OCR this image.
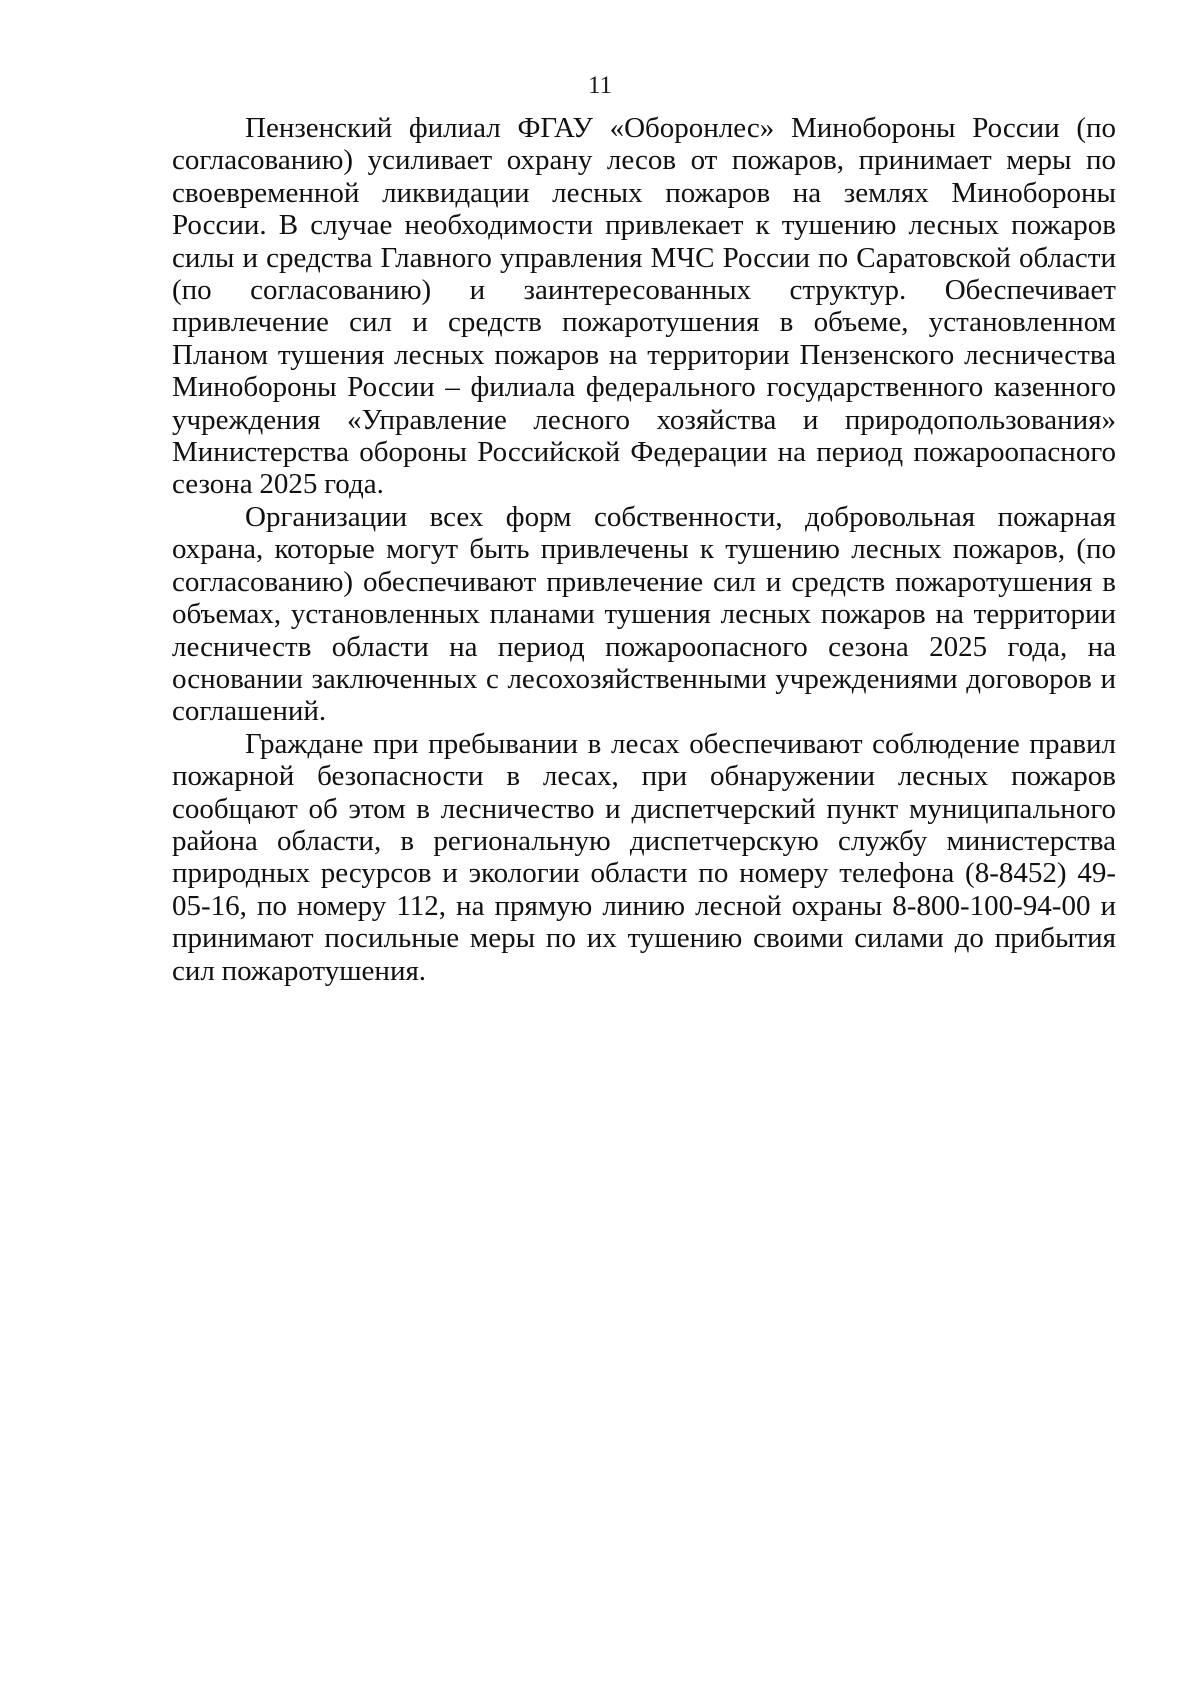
11

Пензенский филиал ФГАУ «Оборонлес» Минобороны России (по согласованию) усиливает охрану лесов от пожаров, принимает меры по своевременной ликвидации лесных пожаров на землях Минобороны России. В случае необходимости привлекает к тушению лесных пожаров силы и средства Главного управления МЧС России по Саратовской области (по согласованию) и заинтересованных структур. Обеспечивает привлечение сил и средств пожаротушения в объеме, установленном Планом тушения лесных пожаров на территории Пензенского лесничества Минобороны России – филиала федерального государственного казенного учреждения «Управление лесного хозяйства и природопользования» Министерства обороны Российской Федерации на период пожароопасного сезона 2025 года.

Организации всех форм собственности, добровольная пожарная охрана, которые могут быть привлечены к тушению лесных пожаров, (по согласованию) обеспечивают привлечение сил и средств пожаротушения в объемах, установленных планами тушения лесных пожаров на территории лесничеств области на период пожароопасного сезона 2025 года, на основании заключенных с лесохозяйственными учреждениями договоров и соглашений.

Граждане при пребывании в лесах обеспечивают соблюдение правил пожарной безопасности в лесах, при обнаружении лесных пожаров сообщают об этом в лесничество и диспетчерский пункт муниципального района области, в региональную диспетчерскую службу министерства природных ресурсов и экологии области по номеру телефона (8-8452) 49-05-16, по номеру 112, на прямую линию лесной охраны 8-800-100-94-00 и принимают посильные меры по их тушению своими силами до прибытия сил пожаротушения.
